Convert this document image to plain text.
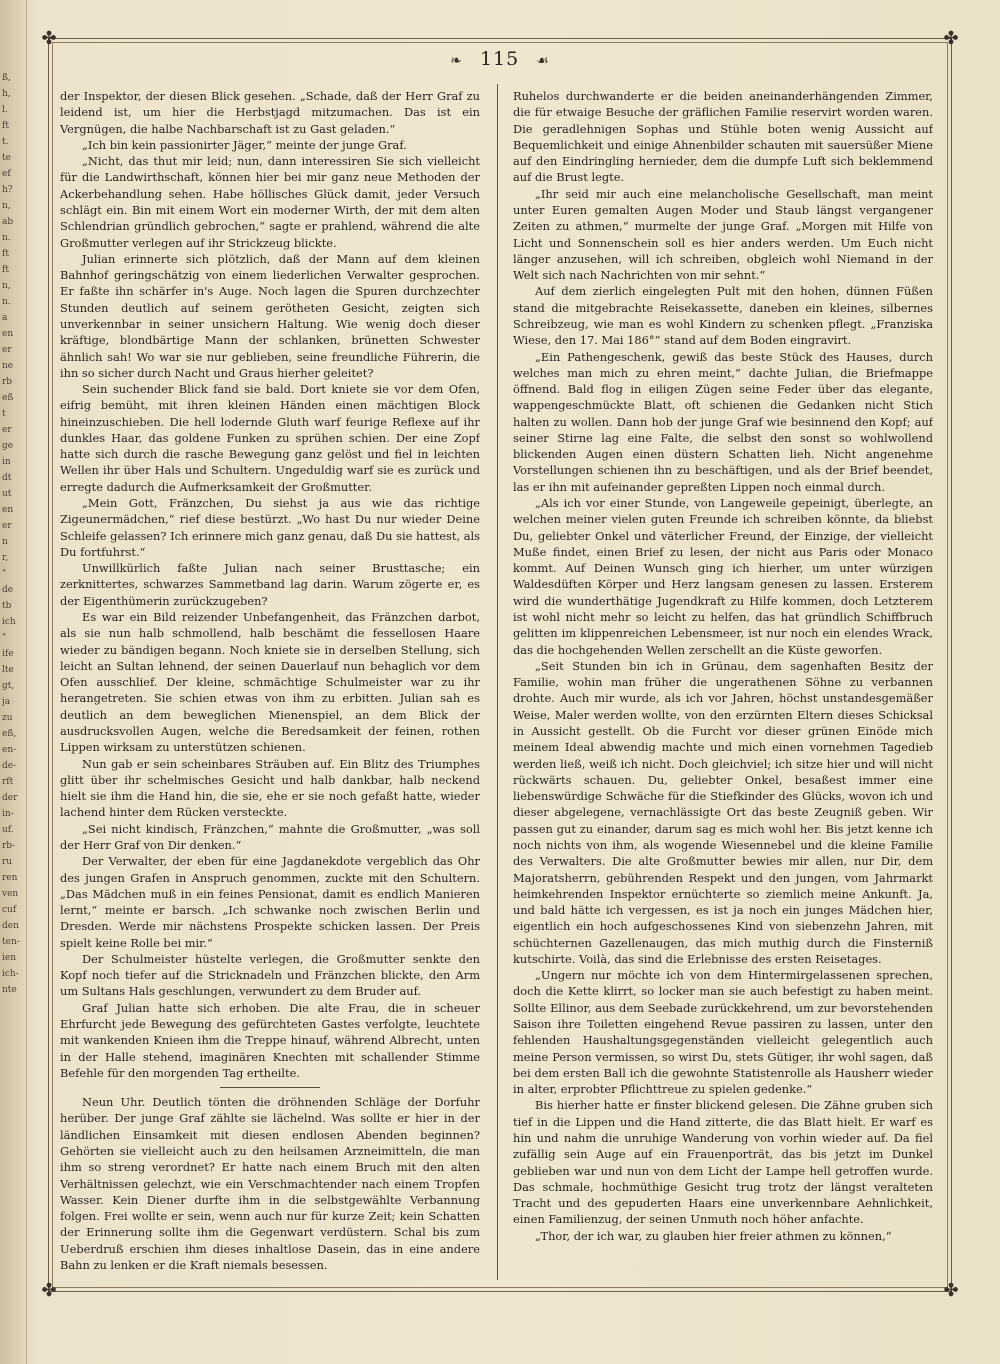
ß,
h,
l.
ft
t.
te
ef
h?
n,
ab
n.
ft
ft
n,
n.
a
en
er
ne
rb
eß
t
er
ge
in
dt
ut
en
er
n
r,
"
de
tb
ich
"
ife
lte
gt,
ja
zu
eß,
en-
de-
rft
der
in-
uf.
rb-
ru
ren
ven
cuf
den
ten-
ien
ich-
nte
✤	✤
✤	✤
❧ 115 ☙

der Inspektor, der diesen Blick gesehen. „Schade, daß der Herr Graf zu leidend ist, um hier die Herbstjagd mitzumachen. Das ist ein Vergnügen, die halbe Nachbarschaft ist zu Gast geladen.“

„Ich bin kein passionirter Jäger,“ meinte der junge Graf.

„Nicht, das thut mir leid; nun, dann interessiren Sie sich vielleicht für die Landwirthschaft, können hier bei mir ganz neue Methoden der Ackerbehandlung sehen. Habe höllisches Glück damit, jeder Versuch schlägt ein. Bin mit einem Wort ein moderner Wirth, der mit dem alten Schlendrian gründlich gebrochen,“ sagte er prahlend, während die alte Großmutter verlegen auf ihr Strickzeug blickte.

Julian erinnerte sich plötzlich, daß der Mann auf dem kleinen Bahnhof geringschätzig von einem liederlichen Verwalter gesprochen. Er faßte ihn schärfer in's Auge. Noch lagen die Spuren durchzechter Stunden deutlich auf seinem gerötheten Gesicht, zeigten sich unverkennbar in seiner unsichern Haltung. Wie wenig doch dieser kräftige, blondbärtige Mann der schlanken, brünetten Schwester ähnlich sah! Wo war sie nur geblieben, seine freundliche Führerin, die ihn so sicher durch Nacht und Graus hierher geleitet?

Sein suchender Blick fand sie bald. Dort kniete sie vor dem Ofen, eifrig bemüht, mit ihren kleinen Händen einen mächtigen Block hineinzuschieben. Die hell lodernde Gluth warf feurige Reflexe auf ihr dunkles Haar, das goldene Funken zu sprühen schien. Der eine Zopf hatte sich durch die rasche Bewegung ganz gelöst und fiel in leichten Wellen ihr über Hals und Schultern. Ungeduldig warf sie es zurück und erregte dadurch die Aufmerksamkeit der Großmutter.

„Mein Gott, Fränzchen, Du siehst ja aus wie das richtige Zigeunermädchen,“ rief diese bestürzt. „Wo hast Du nur wieder Deine Schleife gelassen? Ich erinnere mich ganz genau, daß Du sie hattest, als Du fortfuhrst.“

Unwillkürlich faßte Julian nach seiner Brusttasche; ein zerknittertes, schwarzes Sammetband lag darin. Warum zögerte er, es der Eigenthümerin zurückzugeben?

Es war ein Bild reizender Unbefangenheit, das Fränzchen darbot, als sie nun halb schmollend, halb beschämt die fessellosen Haare wieder zu bändigen begann. Noch kniete sie in derselben Stellung, sich leicht an Sultan lehnend, der seinen Dauerlauf nun behaglich vor dem Ofen ausschlief. Der kleine, schmächtige Schulmeister war zu ihr herangetreten. Sie schien etwas von ihm zu erbitten. Julian sah es deutlich an dem beweglichen Mienenspiel, an dem Blick der ausdrucksvollen Augen, welche die Beredsamkeit der feinen, rothen Lippen wirksam zu unterstützen schienen.

Nun gab er sein scheinbares Sträuben auf. Ein Blitz des Triumphes glitt über ihr schelmisches Gesicht und halb dankbar, halb neckend hielt sie ihm die Hand hin, die sie, ehe er sie noch gefaßt hatte, wieder lachend hinter dem Rücken versteckte.

„Sei nicht kindisch, Fränzchen,“ mahnte die Großmutter, „was soll der Herr Graf von Dir denken.“

Der Verwalter, der eben für eine Jagdanekdote vergeblich das Ohr des jungen Grafen in Anspruch genommen, zuckte mit den Schultern. „Das Mädchen muß in ein feines Pensionat, damit es endlich Manieren lernt,“ meinte er barsch. „Ich schwanke noch zwischen Berlin und Dresden. Werde mir nächstens Prospekte schicken lassen. Der Preis spielt keine Rolle bei mir.“

Der Schulmeister hüstelte verlegen, die Großmutter senkte den Kopf noch tiefer auf die Stricknadeln und Fränzchen blickte, den Arm um Sultans Hals geschlungen, verwundert zu dem Bruder auf.

Graf Julian hatte sich erhoben. Die alte Frau, die in scheuer Ehrfurcht jede Bewegung des gefürchteten Gastes verfolgte, leuchtete mit wankenden Knieen ihm die Treppe hinauf, während Albrecht, unten in der Halle stehend, imaginären Knechten mit schallender Stimme Befehle für den morgenden Tag ertheilte.

Neun Uhr. Deutlich tönten die dröhnenden Schläge der Dorfuhr herüber. Der junge Graf zählte sie lächelnd. Was sollte er hier in der ländlichen Einsamkeit mit diesen endlosen Abenden beginnen? Gehörten sie vielleicht auch zu den heilsamen Arzneimitteln, die man ihm so streng verordnet? Er hatte nach einem Bruch mit den alten Verhältnissen gelechzt, wie ein Verschmachtender nach einem Tropfen Wasser. Kein Diener durfte ihm in die selbstgewählte Verbannung folgen. Frei wollte er sein, wenn auch nur für kurze Zeit; kein Schatten der Erinnerung sollte ihm die Gegenwart verdüstern. Schal bis zum Ueberdruß erschien ihm dieses inhaltlose Dasein, das in eine andere Bahn zu lenken er die Kraft niemals besessen.

Ruhelos durchwanderte er die beiden aneinanderhängenden Zimmer, die für etwaige Besuche der gräflichen Familie reservirt worden waren. Die geradlehnigen Sophas und Stühle boten wenig Aussicht auf Bequemlichkeit und einige Ahnenbilder schauten mit sauersüßer Miene auf den Eindringling hernieder, dem die dumpfe Luft sich beklemmend auf die Brust legte.

„Ihr seid mir auch eine melancholische Gesellschaft, man meint unter Euren gemalten Augen Moder und Staub längst vergangener Zeiten zu athmen,“ murmelte der junge Graf. „Morgen mit Hilfe von Licht und Sonnenschein soll es hier anders werden. Um Euch nicht länger anzusehen, will ich schreiben, obgleich wohl Niemand in der Welt sich nach Nachrichten von mir sehnt.“

Auf dem zierlich eingelegten Pult mit den hohen, dünnen Füßen stand die mitgebrachte Reisekassette, daneben ein kleines, silbernes Schreibzeug, wie man es wohl Kindern zu schenken pflegt. „Franziska Wiese, den 17. Mai 186°“ stand auf dem Boden eingravirt.

„Ein Pathengeschenk, gewiß das beste Stück des Hauses, durch welches man mich zu ehren meint,“ dachte Julian, die Briefmappe öffnend. Bald flog in eiligen Zügen seine Feder über das elegante, wappengeschmückte Blatt, oft schienen die Gedanken nicht Stich halten zu wollen. Dann hob der junge Graf wie besinnend den Kopf; auf seiner Stirne lag eine Falte, die selbst den sonst so wohlwollend blickenden Augen einen düstern Schatten lieh. Nicht angenehme Vorstellungen schienen ihn zu beschäftigen, und als der Brief beendet, las er ihn mit aufeinander gepreßten Lippen noch einmal durch.

„Als ich vor einer Stunde, von Langeweile gepeinigt, überlegte, an welchen meiner vielen guten Freunde ich schreiben könnte, da bliebst Du, geliebter Onkel und väterlicher Freund, der Einzige, der vielleicht Muße findet, einen Brief zu lesen, der nicht aus Paris oder Monaco kommt. Auf Deinen Wunsch ging ich hierher, um unter würzigen Waldesdüften Körper und Herz langsam genesen zu lassen. Ersterem wird die wunderthätige Jugendkraft zu Hilfe kommen, doch Letzterem ist wohl nicht mehr so leicht zu helfen, das hat gründlich Schiffbruch gelitten im klippenreichen Lebensmeer, ist nur noch ein elendes Wrack, das die hochgehenden Wellen zerschellt an die Küste geworfen.

„Seit Stunden bin ich in Grünau, dem sagenhaften Besitz der Familie, wohin man früher die ungerathenen Söhne zu verbannen drohte. Auch mir wurde, als ich vor Jahren, höchst unstandesgemäßer Weise, Maler werden wollte, von den erzürnten Eltern dieses Schicksal in Aussicht gestellt. Ob die Furcht vor dieser grünen Einöde mich meinem Ideal abwendig machte und mich einen vornehmen Tagedieb werden ließ, weiß ich nicht. Doch gleichviel; ich sitze hier und will nicht rückwärts schauen. Du, geliebter Onkel, besaßest immer eine liebenswürdige Schwäche für die Stiefkinder des Glücks, wovon ich und dieser abgelegene, vernachlässigte Ort das beste Zeugniß geben. Wir passen gut zu einander, darum sag es mich wohl her. Bis jetzt kenne ich noch nichts von ihm, als wogende Wiesennebel und die kleine Familie des Verwalters. Die alte Großmutter bewies mir allen, nur Dir, dem Majoratsherrn, gebührenden Respekt und den jungen, vom Jahrmarkt heimkehrenden Inspektor ernüchterte so ziemlich meine Ankunft. Ja, und bald hätte ich vergessen, es ist ja noch ein junges Mädchen hier, eigentlich ein hoch aufgeschossenes Kind von siebenzehn Jahren, mit schüchternen Gazellenaugen, das mich muthig durch die Finsterniß kutschirte. Voilà, das sind die Erlebnisse des ersten Reisetages.

„Ungern nur möchte ich von dem Hintermirgelassenen sprechen, doch die Kette klirrt, so locker man sie auch befestigt zu haben meint. Sollte Ellinor, aus dem Seebade zurückkehrend, um zur bevorstehenden Saison ihre Toiletten eingehend Revue passiren zu lassen, unter den fehlenden Haushaltungsgegenständen vielleicht gelegentlich auch meine Person vermissen, so wirst Du, stets Gütiger, ihr wohl sagen, daß bei dem ersten Ball ich die gewohnte Statistenrolle als Hausherr wieder in alter, erprobter Pflichttreue zu spielen gedenke.“

Bis hierher hatte er finster blickend gelesen. Die Zähne gruben sich tief in die Lippen und die Hand zitterte, die das Blatt hielt. Er warf es hin und nahm die unruhige Wanderung von vorhin wieder auf. Da fiel zufällig sein Auge auf ein Frauenporträt, das bis jetzt im Dunkel geblieben war und nun von dem Licht der Lampe hell getroffen wurde. Das schmale, hochmüthige Gesicht trug trotz der längst veralteten Tracht und des gepuderten Haars eine unverkennbare Aehnlichkeit, einen Familienzug, der seinen Unmuth noch höher anfachte.

„Thor, der ich war, zu glauben hier freier athmen zu können,“
